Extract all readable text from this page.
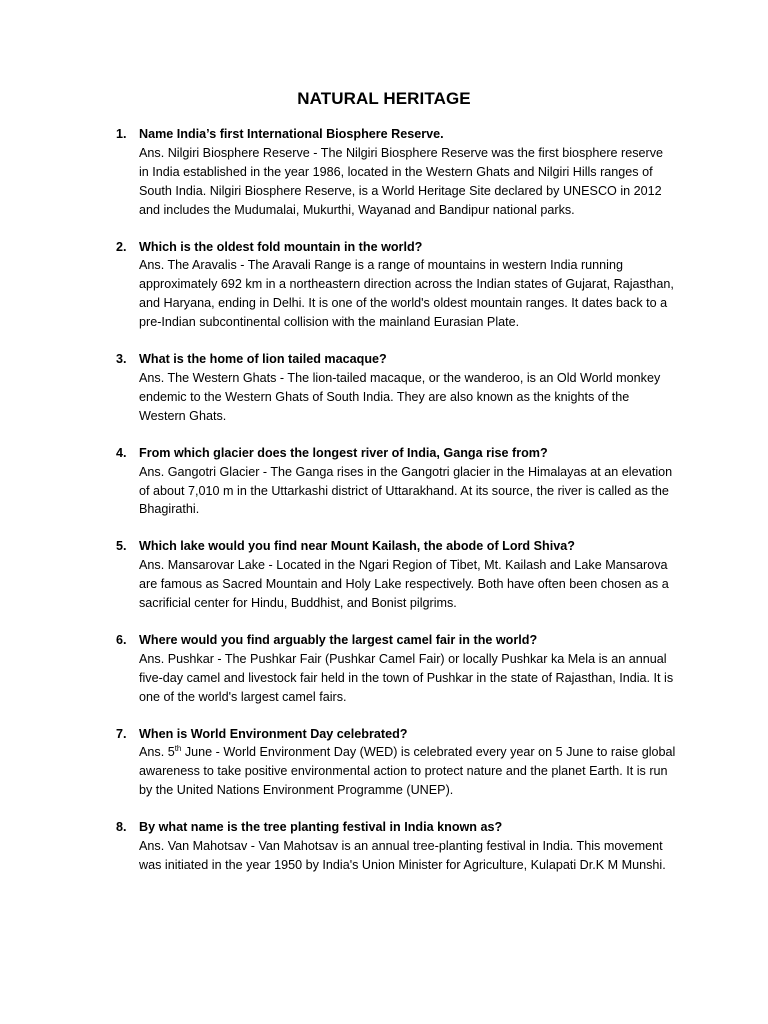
NATURAL HERITAGE
1. Name India’s first International Biosphere Reserve.
Ans. Nilgiri Biosphere Reserve - The Nilgiri Biosphere Reserve was the first biosphere reserve in India established in the year 1986, located in the Western Ghats and Nilgiri Hills ranges of South India. Nilgiri Biosphere Reserve, is a World Heritage Site declared by UNESCO in 2012 and includes the Mudumalai, Mukurthi, Wayanad and Bandipur national parks.
2. Which is the oldest fold mountain in the world?
Ans. The Aravalis - The Aravali Range is a range of mountains in western India running approximately 692 km in a northeastern direction across the Indian states of Gujarat, Rajasthan, and Haryana, ending in Delhi. It is one of the world's oldest mountain ranges. It dates back to a pre-Indian subcontinental collision with the mainland Eurasian Plate.
3. What is the home of lion tailed macaque?
Ans. The Western Ghats - The lion-tailed macaque, or the wanderoo, is an Old World monkey endemic to the Western Ghats of South India. They are also known as the knights of the Western Ghats.
4. From which glacier does the longest river of India, Ganga rise from?
Ans. Gangotri Glacier - The Ganga rises in the Gangotri glacier in the Himalayas at an elevation of about 7,010 m in the Uttarkashi district of Uttarakhand. At its source, the river is called as the Bhagirathi.
5. Which lake would you find near Mount Kailash, the abode of Lord Shiva?
Ans. Mansarovar Lake - Located in the Ngari Region of Tibet, Mt. Kailash and Lake Mansarova are famous as Sacred Mountain and Holy Lake respectively. Both have often been chosen as a sacrificial center for Hindu, Buddhist, and Bonist pilgrims.
6. Where would you find arguably the largest camel fair in the world?
Ans. Pushkar - The Pushkar Fair (Pushkar Camel Fair) or locally Pushkar ka Mela is an annual five-day camel and livestock fair held in the town of Pushkar in the state of Rajasthan, India. It is one of the world's largest camel fairs.
7. When is World Environment Day celebrated?
Ans. 5th June - World Environment Day (WED) is celebrated every year on 5 June to raise global awareness to take positive environmental action to protect nature and the planet Earth. It is run by the United Nations Environment Programme (UNEP).
8. By what name is the tree planting festival in India known as?
Ans. Van Mahotsav - Van Mahotsav is an annual tree-planting festival in India. This movement was initiated in the year 1950 by India's Union Minister for Agriculture, Kulapati Dr.K M Munshi.
